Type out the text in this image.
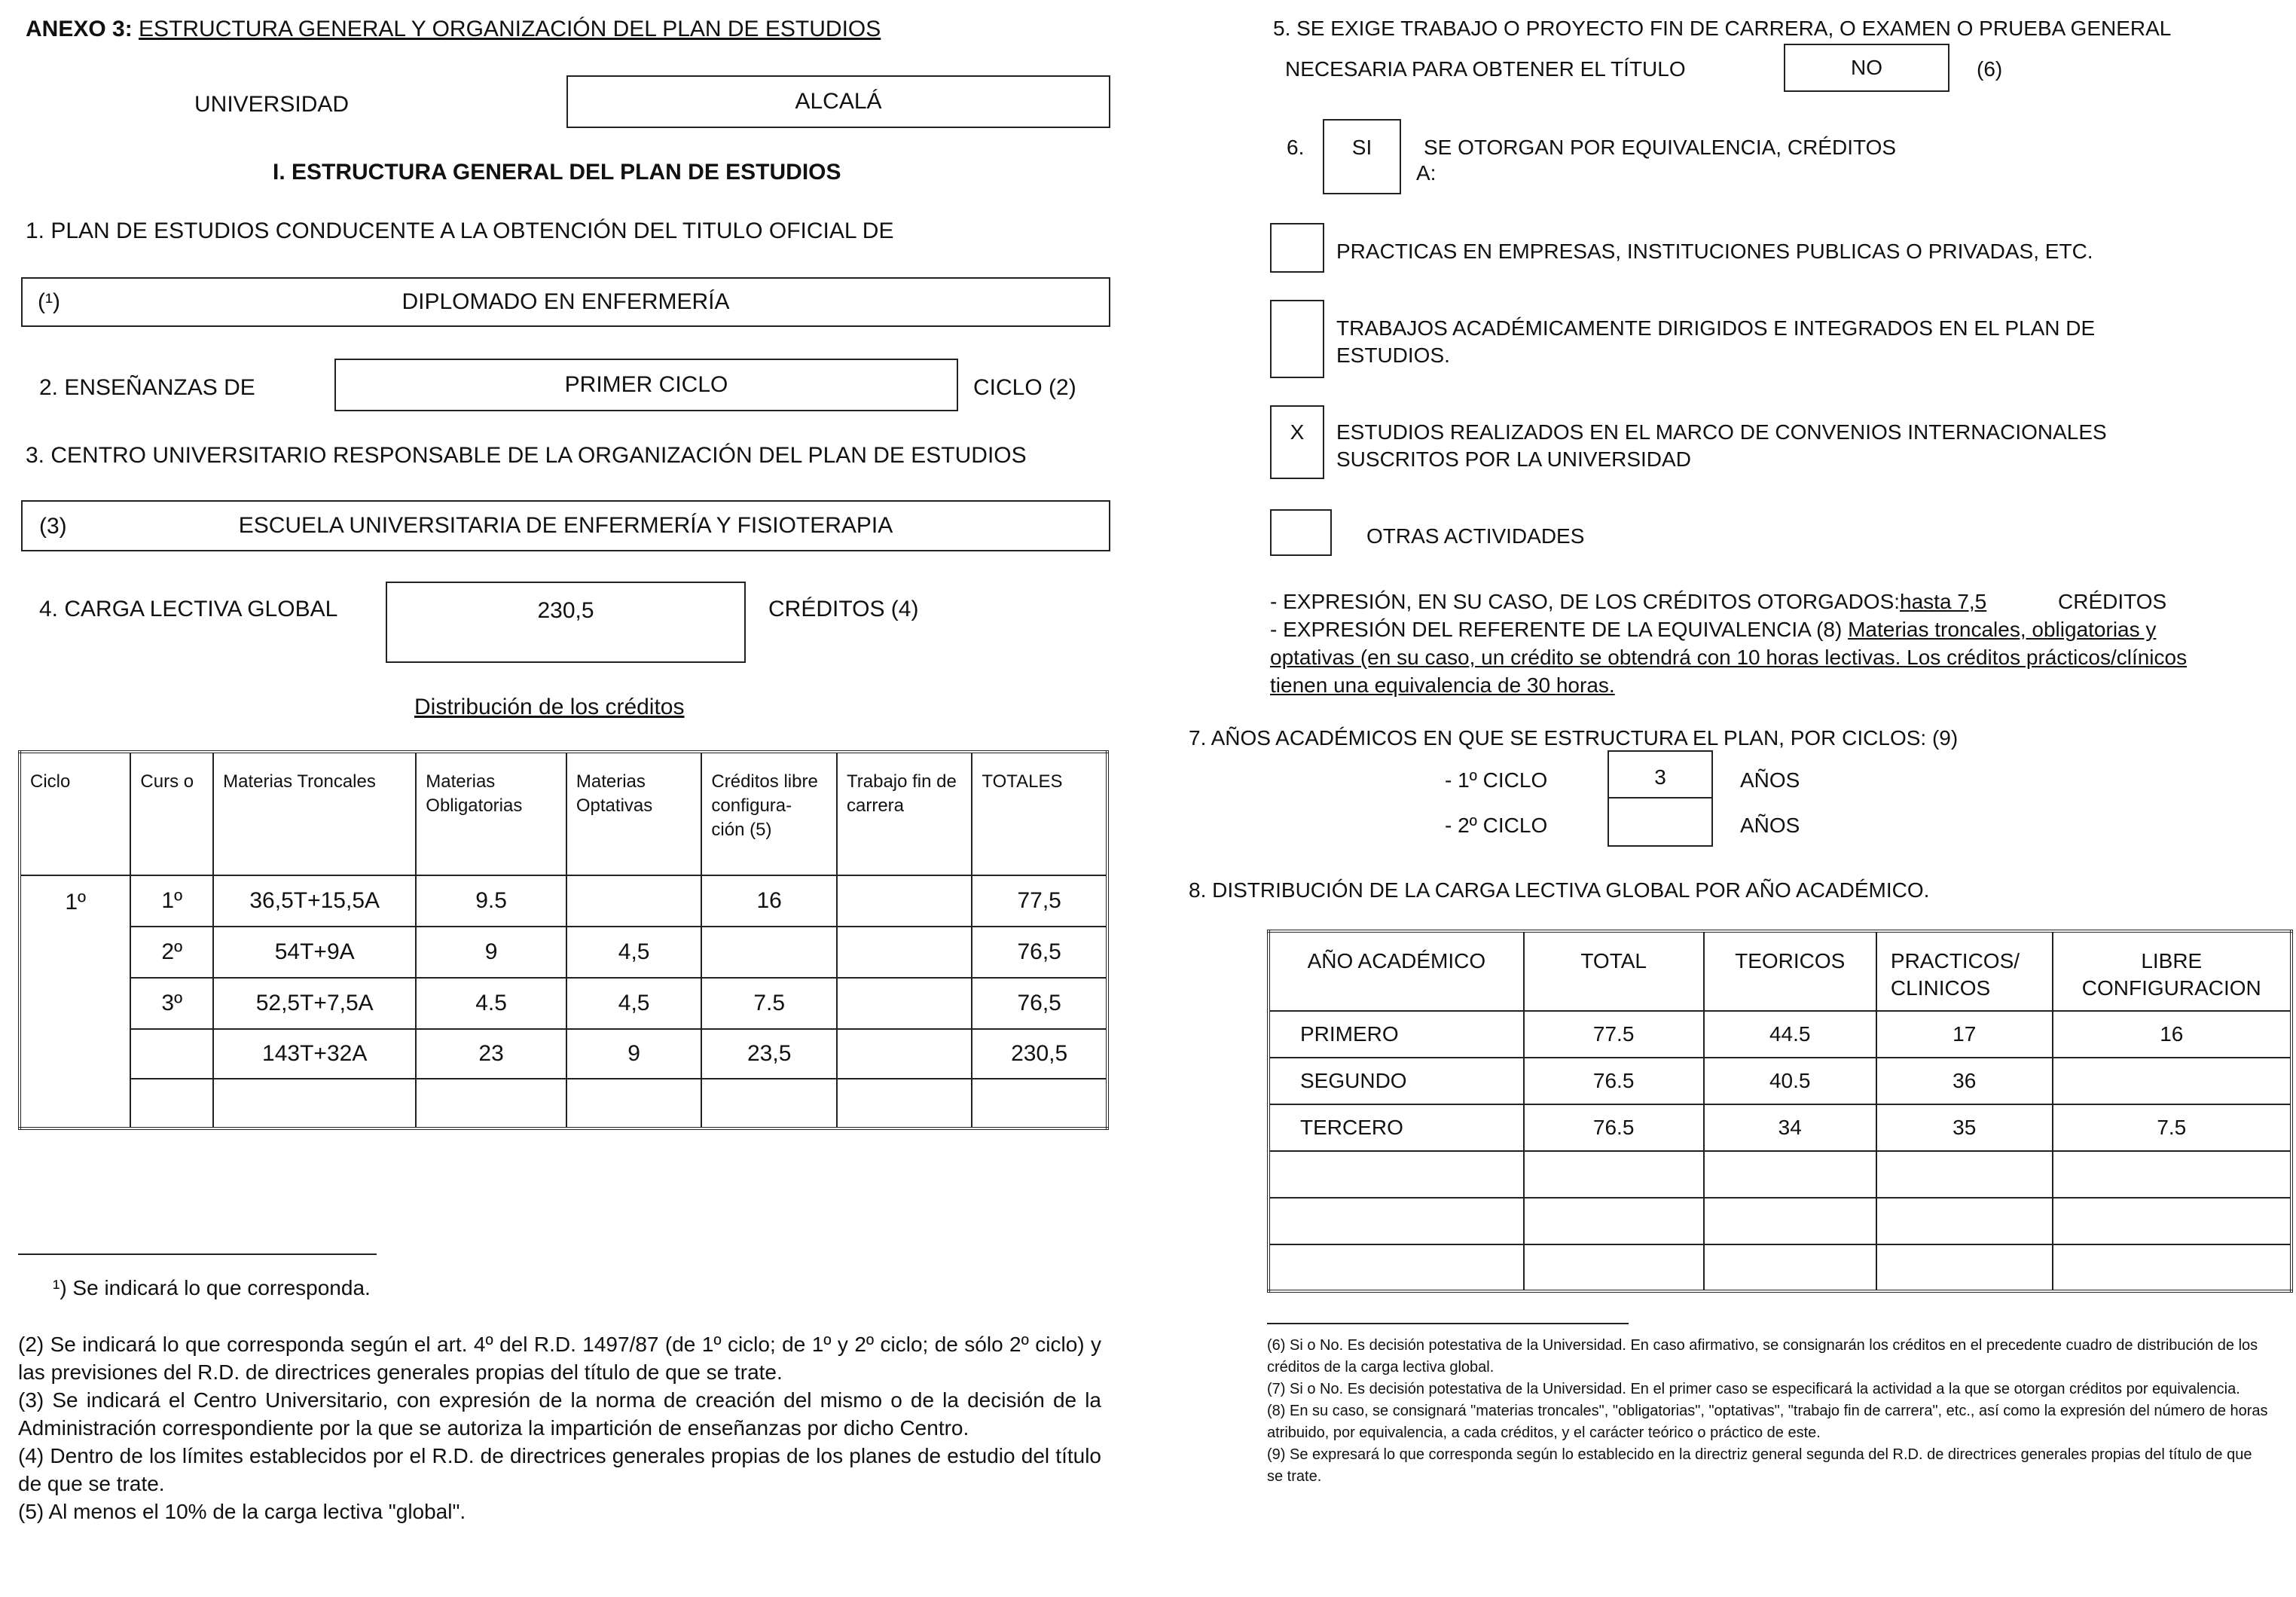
ANEXO 3: ESTRUCTURA GENERAL Y ORGANIZACIÓN DEL PLAN DE ESTUDIOS
UNIVERSIDAD	ALCALÁ
I. ESTRUCTURA GENERAL DEL PLAN DE ESTUDIOS
1. PLAN DE ESTUDIOS CONDUCENTE A LA OBTENCIÓN DEL TITULO OFICIAL DE
(¹)	DIPLOMADO EN ENFERMERÍA
2. ENSEÑANZAS DE	PRIMER CICLO	CICLO (2)
3. CENTRO UNIVERSITARIO RESPONSABLE DE LA ORGANIZACIÓN DEL PLAN DE ESTUDIOS
(3)	ESCUELA UNIVERSITARIA DE ENFERMERÍA Y FISIOTERAPIA
4. CARGA LECTIVA GLOBAL	230,5	CRÉDITOS (4)
Distribución de los créditos
Ciclo	Curs o	Materias Troncales	Materias Obligatorias	Materias Optativas	Créditos libre configura- ción (5)	Trabajo fin de carrera	TOTALES
1º	1º	36,5T+15,5A	9.5		16		77,5
	2º	54T+9A	9	4,5			76,5
	3º	52,5T+7,5A	4.5	4,5	7.5		76,5
		143T+32A	23	9	23,5		230,5

¹) Se indicará lo que corresponda.
(2) Se indicará lo que corresponda según el art. 4º del R.D. 1497/87 (de 1º ciclo; de 1º y 2º ciclo; de sólo 2º ciclo) y las previsiones del R.D. de directrices generales propias del título de que se trate.
(3) Se indicará el Centro Universitario, con expresión de la norma de creación del mismo o de la decisión de la Administración correspondiente por la que se autoriza la impartición de enseñanzas por dicho Centro.
(4) Dentro de los límites establecidos por el R.D. de directrices generales propias de los planes de estudio del título de que se trate.
(5) Al menos el 10% de la carga lectiva "global".
5. SE EXIGE TRABAJO O PROYECTO FIN DE CARRERA, O EXAMEN O PRUEBA GENERAL
NECESARIA PARA OBTENER EL TÍTULO	NO	(6)
6. SI SE OTORGAN POR EQUIVALENCIA, CRÉDITOS
A:
PRACTICAS EN EMPRESAS, INSTITUCIONES PUBLICAS O PRIVADAS, ETC.
TRABAJOS ACADÉMICAMENTE DIRIGIDOS E INTEGRADOS EN EL PLAN DE
ESTUDIOS.
X ESTUDIOS REALIZADOS EN EL MARCO DE CONVENIOS INTERNACIONALES
SUSCRITOS POR LA UNIVERSIDAD
OTRAS ACTIVIDADES
- EXPRESIÓN, EN SU CASO, DE LOS CRÉDITOS OTORGADOS:hasta 7,5	CRÉDITOS
- EXPRESIÓN DEL REFERENTE DE LA EQUIVALENCIA (8) Materias troncales, obligatorias y optativas (en su caso, un crédito se obtendrá con 10 horas lectivas. Los créditos prácticos/clínicos tienen una equivalencia de 30 horas.
7. AÑOS ACADÉMICOS EN QUE SE ESTRUCTURA EL PLAN, POR CICLOS: (9)
- 1º CICLO	3	AÑOS
- 2º CICLO	AÑOS
8. DISTRIBUCIÓN DE LA CARGA LECTIVA GLOBAL POR AÑO ACADÉMICO.
AÑO ACADÉMICO	TOTAL	TEORICOS	PRACTICOS/ CLINICOS	LIBRE CONFIGURACION
PRIMERO	77.5	44.5	17	16
SEGUNDO	76.5	40.5	36	
TERCERO	76.5	34	35	7.5

(6) Si o No. Es decisión potestativa de la Universidad. En caso afirmativo, se consignarán los créditos en el precedente cuadro de distribución de los créditos de la carga lectiva global.
(7) Si o No. Es decisión potestativa de la Universidad. En el primer caso se especificará la actividad a la que se otorgan créditos por equivalencia.
(8) En su caso, se consignará "materias troncales", "obligatorias", "optativas", "trabajo fin de carrera", etc., así como la expresión del número de horas atribuido, por equivalencia, a cada créditos, y el carácter teórico o práctico de este.
(9) Se expresará lo que corresponda según lo establecido en la directriz general segunda del R.D. de directrices generales propias del título de que se trate.
